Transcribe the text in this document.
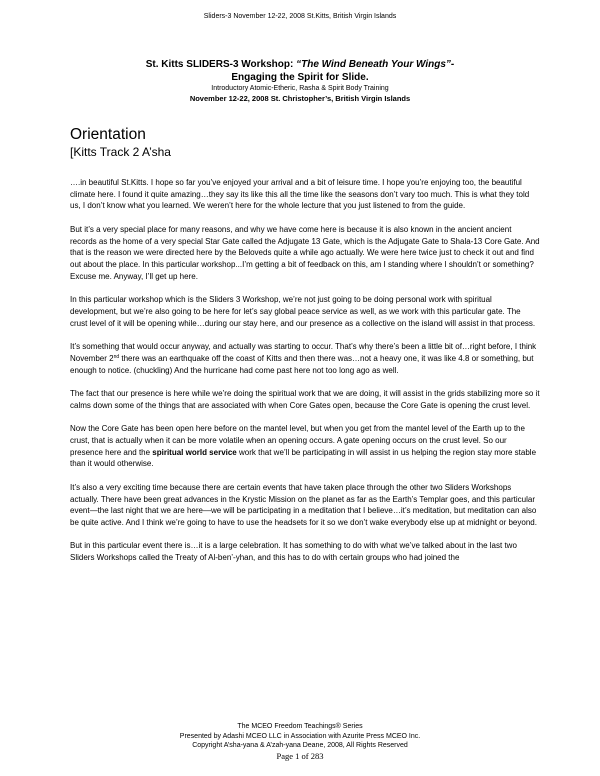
Sliders-3 November 12-22, 2008 St.Kitts, British Virgin Islands
St. Kitts SLIDERS-3 Workshop: “The Wind Beneath Your Wings”-
Engaging the Spirit for Slide.
Introductory Atomic-Etheric, Rasha & Spirit Body Training
November 12-22, 2008 St. Christopher’s, British Virgin Islands
Orientation
[Kitts Track 2 A’sha

….in beautiful St.Kitts. I hope so far you’ve enjoyed your arrival and a bit of leisure time. I hope you’re enjoying too, the beautiful climate here. I found it quite amazing…they say its like this all the time like the seasons don’t vary too much. This is what they told us, I don’t know what you learned. We weren’t here for the whole lecture that you just listened to from the guide.

But it’s a very special place for many reasons, and why we have come here is because it is also known in the ancient ancient records as the home of a very special Star Gate called the Adjugate 13 Gate, which is the Adjugate Gate to Shala-13 Core Gate. And that is the reason we were directed here by the Beloveds quite a while ago actually. We were here twice just to check it out and find out about the place. In this particular workshop...I’m getting a bit of feedback on this, am I standing where I shouldn’t or something? Excuse me. Anyway, I’ll get up here.

In this particular workshop which is the Sliders 3 Workshop, we’re not just going to be doing personal work with spiritual development, but we’re also going to be here for let’s say global peace service as well, as we work with this particular gate. The crust level of it will be opening while…during our stay here, and our presence as a collective on the island will assist in that process.

It’s something that would occur anyway, and actually was starting to occur. That’s why there’s been a little bit of…right before, I think November 2nd there was an earthquake off the coast of Kitts and then there was…not a heavy one, it was like 4.8 or something, but enough to notice. (chuckling) And the hurricane had come past here not too long ago as well.

The fact that our presence is here while we’re doing the spiritual work that we are doing, it will assist in the grids stabilizing more so it calms down some of the things that are associated with when Core Gates open, because the Core Gate is opening the crust level.

Now the Core Gate has been open here before on the mantel level, but when you get from the mantel level of the Earth up to the crust, that is actually when it can be more volatile when an opening occurs. A gate opening occurs on the crust level. So our presence here and the spiritual world service work that we’ll be participating in will assist in us helping the region stay more stable than it would otherwise.

It’s also a very exciting time because there are certain events that have taken place through the other two Sliders Workshops actually. There have been great advances in the Krystic Mission on the planet as far as the Earth’s Templar goes, and this particular event—the last night that we are here—we will be participating in a meditation that I believe…it’s meditation, but meditation can also be quite active. And I think we’re going to have to use the headsets for it so we don’t wake everybody else up at midnight or beyond.

But in this particular event there is…it is a large celebration. It has something to do with what we’ve talked about in the last two Sliders Workshops called the Treaty of Al-ben’-yhan, and this has to do with certain groups who had joined the

The MCEO Freedom Teachings® Series
Presented by Adashi MCEO LLC in Association with Azurite Press MCEO Inc.
Copyright A’sha-yana & A’zah-yana Deane, 2008, All Rights Reserved
Page 1 of 283
